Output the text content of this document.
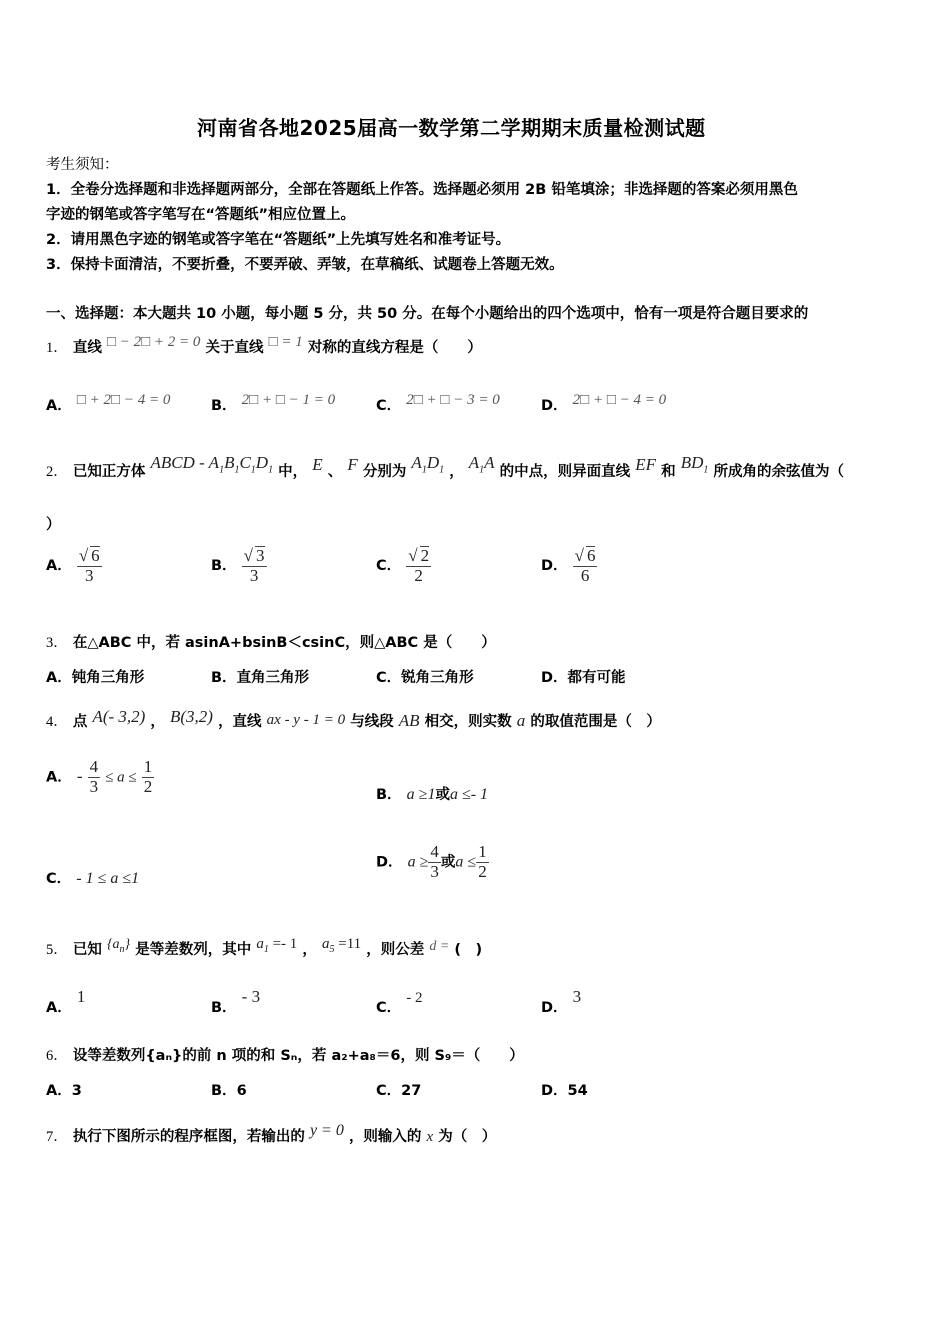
河南省各地2025届高一数学第二学期期末质量检测试题
考生须知：
1．全卷分选择题和非选择题两部分，全部在答题纸上作答。选择题必须用 2B 铅笔填涂；非选择题的答案必须用黑色
字迹的钢笔或答字笔写在“答题纸”相应位置上。
2．请用黑色字迹的钢笔或答字笔在“答题纸”上先填写姓名和准考证号。
3．保持卡面清洁，不要折叠，不要弄破、弄皱，在草稿纸、试题卷上答题无效。
一、选择题：本大题共 10 小题，每小题 5 分，共 50 分。在每个小题给出的四个选项中，恰有一项是符合题目要求的
1． 直线 □ − 2□ + 2 = 0 关于直线 □ = 1 对称的直线方程是（　　）
A． □ + 2□ − 4 = 0	B． 2□ + □ − 1 = 0	C． 2□ + □ − 3 = 0	D． 2□ + □ − 4 = 0
2． 已知正方体 ABCD - $A_1B_1C_1D_1$ 中， E 、 F 分别为 $A_1D_1$ ， $A_1A$ 的中点，则异面直线 EF 和 $BD_1$ 所成角的余弦值为（
）
A． $\frac{√ 6}{3}$	B． $\frac{√ 3}{3}$	C． $\frac{√ 2}{2}$	D． $\frac{√ 6}{6}$
3． 在△ABC 中，若 asinA+bsinB＜csinC，则△ABC 是（　　）
A．钝角三角形	B．直角三角形	C．锐角三角形	D．都有可能
4． 点 A(- 3,2) ， B(3,2) ，直线 ax - y - 1 = 0 与线段 AB 相交，则实数 a 的取值范围是（　）
A． - $\frac{4}{3} \le a \le \frac{1}{2}$	B． a ≥1或a ≤- 1
C． - 1 ≤ a ≤1
D． $a \ge \frac{4}{3}$ 或$a \le \frac{1}{2}$
5． 已知 $\{a_n\}$ 是等差数列，其中 $a_1 =- 1$ ， $a_5 =11$ ，则公差 d = (　)
A． 1
B． - 3
C． - 2
D． 3
6． 设等差数列{aₙ}的前 n 项的和 Sₙ，若 a₂+a₈＝6，则 S₉＝（　　）
A．3	B．6	C．27	D．54
7． 执行下图所示的程序框图，若输出的 y = 0 ，则输入的 x 为（　）
